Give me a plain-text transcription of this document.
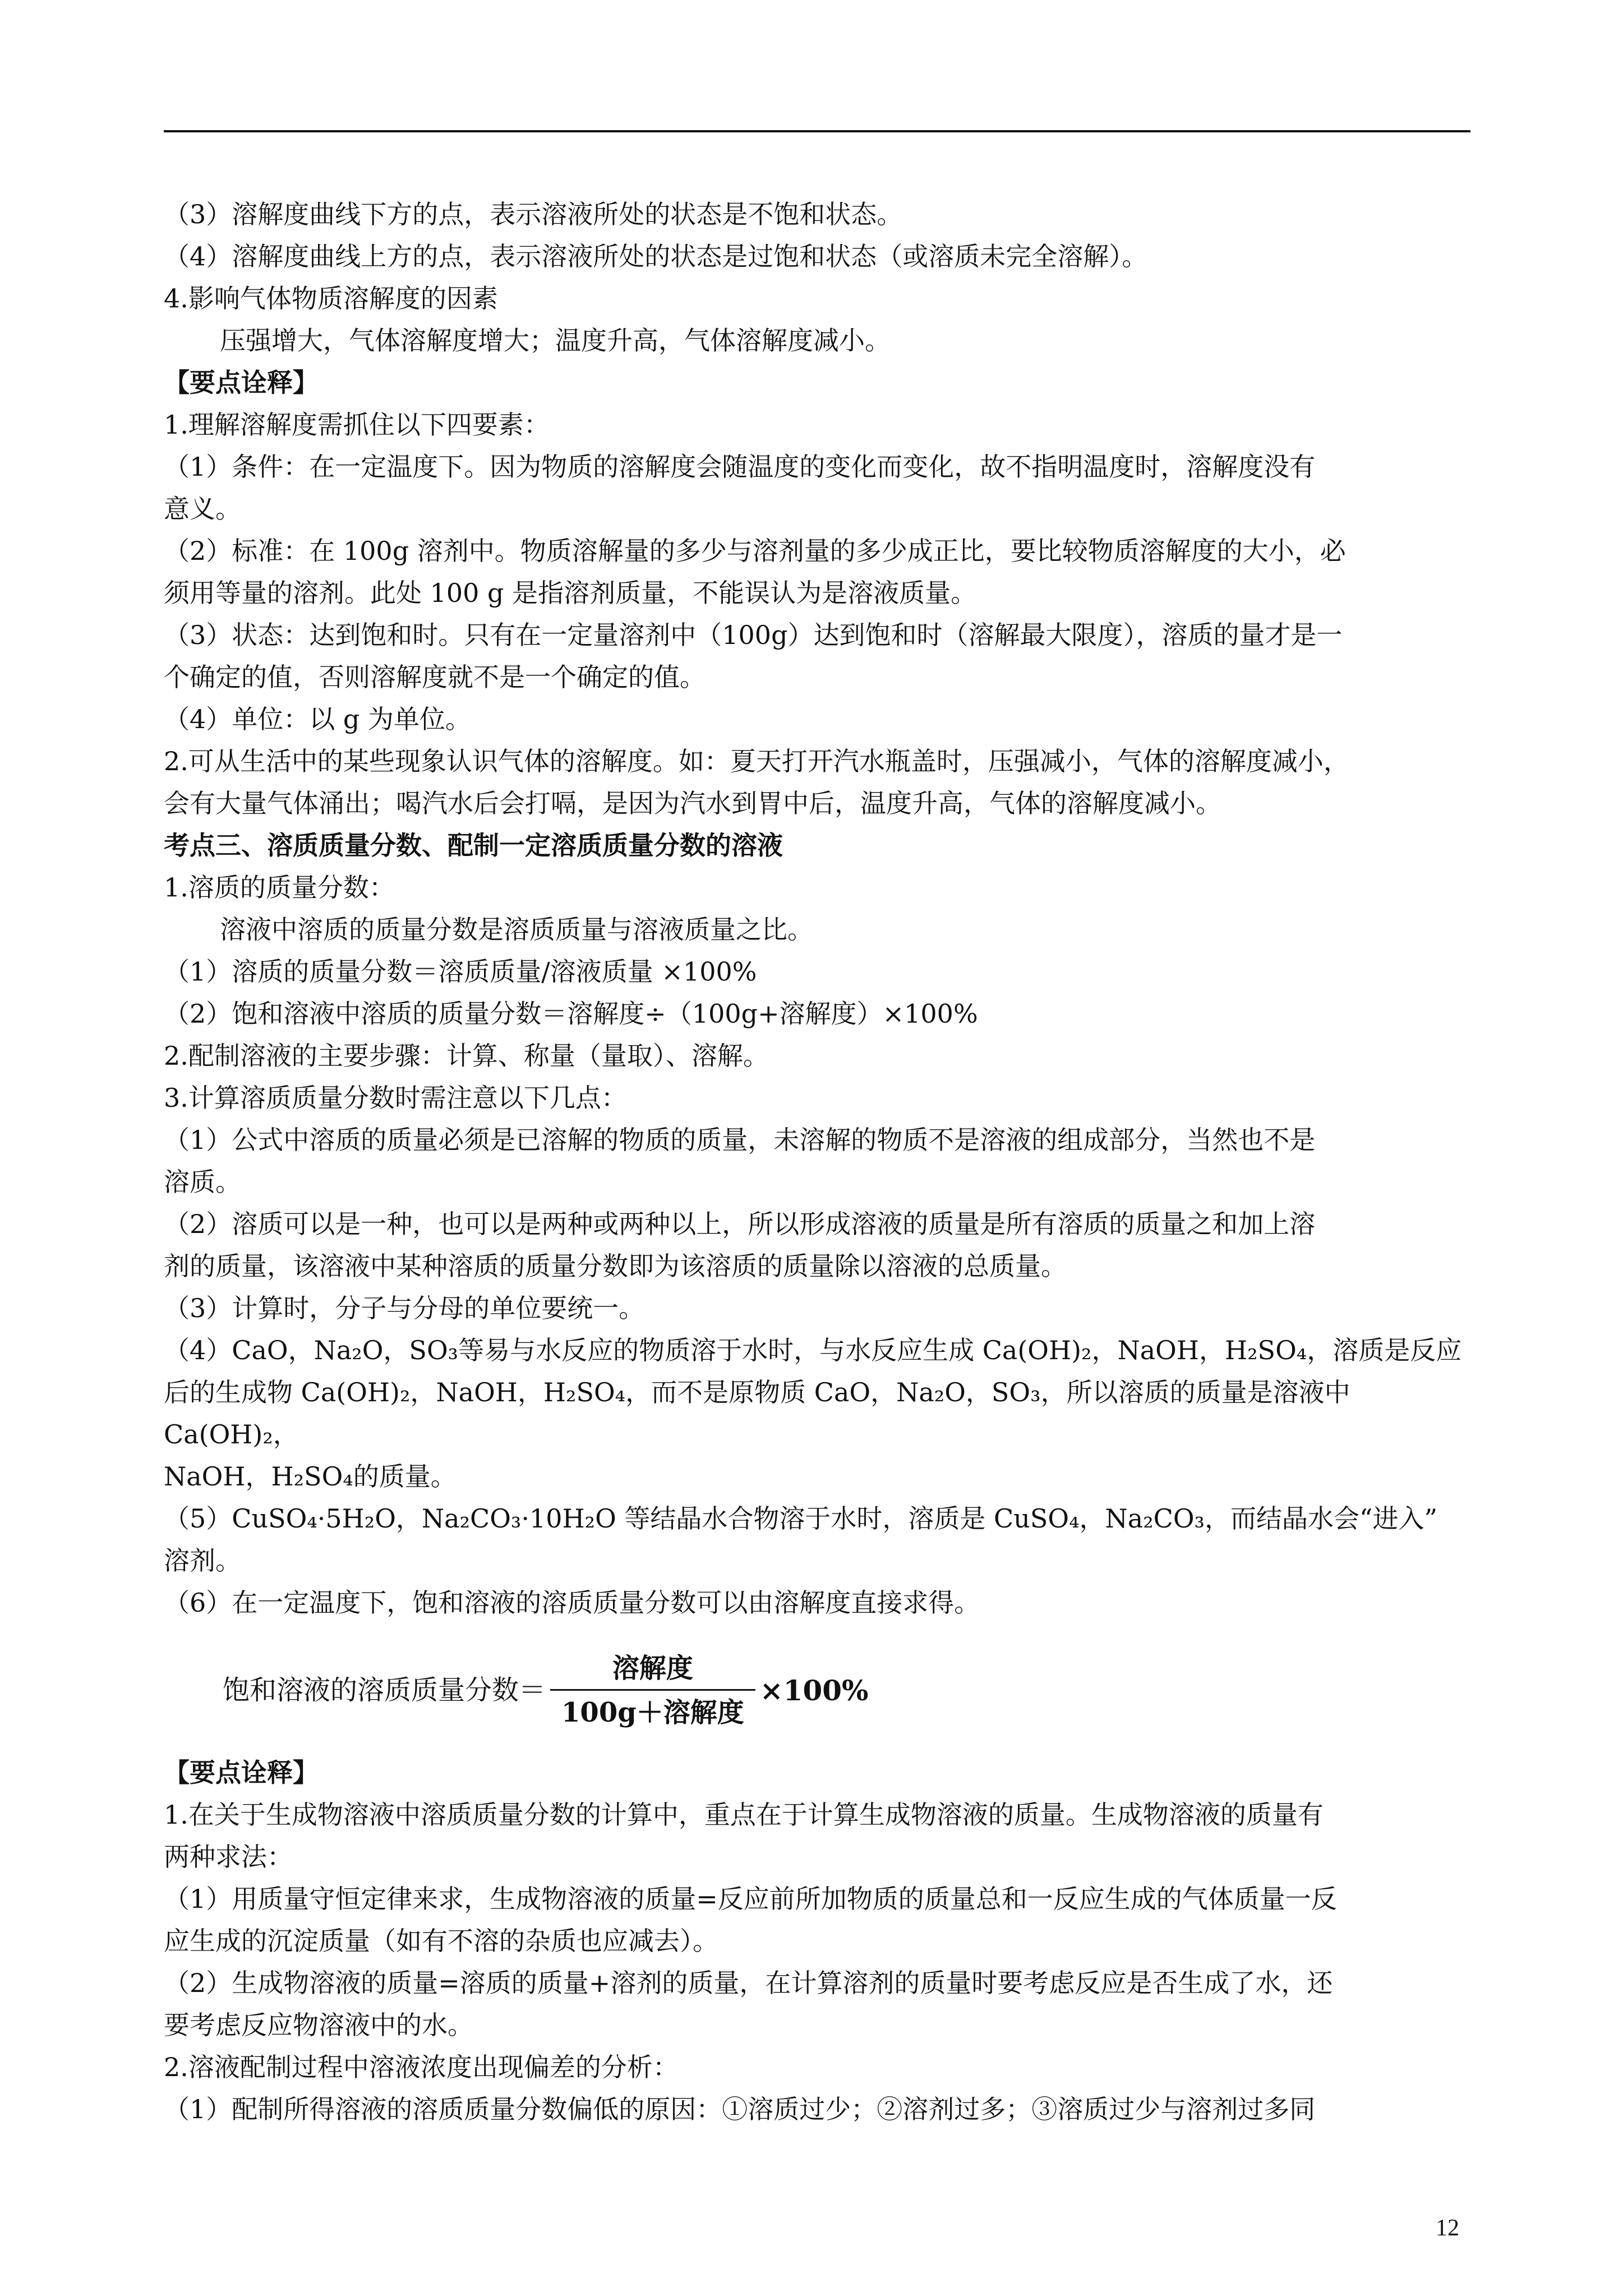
（3）溶解度曲线下方的点，表示溶液所处的状态是不饱和状态。

（4）溶解度曲线上方的点，表示溶液所处的状态是过饱和状态（或溶质未完全溶解）。

4.影响气体物质溶解度的因素

压强增大，气体溶解度增大；温度升高，气体溶解度减小。

【要点诠释】

1.理解溶解度需抓住以下四要素：

（1）条件：在一定温度下。因为物质的溶解度会随温度的变化而变化，故不指明温度时，溶解度没有

意义。

（2）标准：在 100g 溶剂中。物质溶解量的多少与溶剂量的多少成正比，要比较物质溶解度的大小，必

须用等量的溶剂。此处 100 g 是指溶剂质量，不能误认为是溶液质量。

（3）状态：达到饱和时。只有在一定量溶剂中（100g）达到饱和时（溶解最大限度），溶质的量才是一

个确定的值，否则溶解度就不是一个确定的值。

（4）单位：以 g 为单位。

2.可从生活中的某些现象认识气体的溶解度。如：夏天打开汽水瓶盖时，压强减小，气体的溶解度减小，

会有大量气体涌出；喝汽水后会打嗝，是因为汽水到胃中后，温度升高，气体的溶解度减小。

考点三、溶质质量分数、配制一定溶质质量分数的溶液

1.溶质的质量分数：

溶液中溶质的质量分数是溶质质量与溶液质量之比。

（1）溶质的质量分数＝溶质质量/溶液质量 ×100%

（2）饱和溶液中溶质的质量分数＝溶解度÷（100g+溶解度）×100%

2.配制溶液的主要步骤：计算、称量（量取）、溶解。

3.计算溶质质量分数时需注意以下几点：

（1）公式中溶质的质量必须是已溶解的物质的质量，未溶解的物质不是溶液的组成部分，当然也不是

溶质。

（2）溶质可以是一种，也可以是两种或两种以上，所以形成溶液的质量是所有溶质的质量之和加上溶

剂的质量，该溶液中某种溶质的质量分数即为该溶质的质量除以溶液的总质量。

（3）计算时，分子与分母的单位要统一。

（4）CaO，Na₂O，SO₃等易与水反应的物质溶于水时，与水反应生成 Ca(OH)₂，NaOH，H₂SO₄，溶质是反应

后的生成物 Ca(OH)₂，NaOH，H₂SO₄，而不是原物质 CaO，Na₂O，SO₃，所以溶质的质量是溶液中 Ca(OH)₂，

NaOH，H₂SO₄的质量。

（5）CuSO₄·5H₂O，Na₂CO₃·10H₂O 等结晶水合物溶于水时，溶质是 CuSO₄，Na₂CO₃，而结晶水会“进入”

溶剂。

（6）在一定温度下，饱和溶液的溶质质量分数可以由溶解度直接求得。

饱和溶液的溶质质量分数＝ $\frac{\text{溶解度}}{\text{100g＋溶解度}} \times 100\%$

【要点诠释】

1.在关于生成物溶液中溶质质量分数的计算中，重点在于计算生成物溶液的质量。生成物溶液的质量有

两种求法：

（1）用质量守恒定律来求，生成物溶液的质量=反应前所加物质的质量总和一反应生成的气体质量一反

应生成的沉淀质量（如有不溶的杂质也应减去）。

（2）生成物溶液的质量=溶质的质量+溶剂的质量，在计算溶剂的质量时要考虑反应是否生成了水，还

要考虑反应物溶液中的水。

2.溶液配制过程中溶液浓度出现偏差的分析：

（1）配制所得溶液的溶质质量分数偏低的原因：①溶质过少；②溶剂过多；③溶质过少与溶剂过多同

12
